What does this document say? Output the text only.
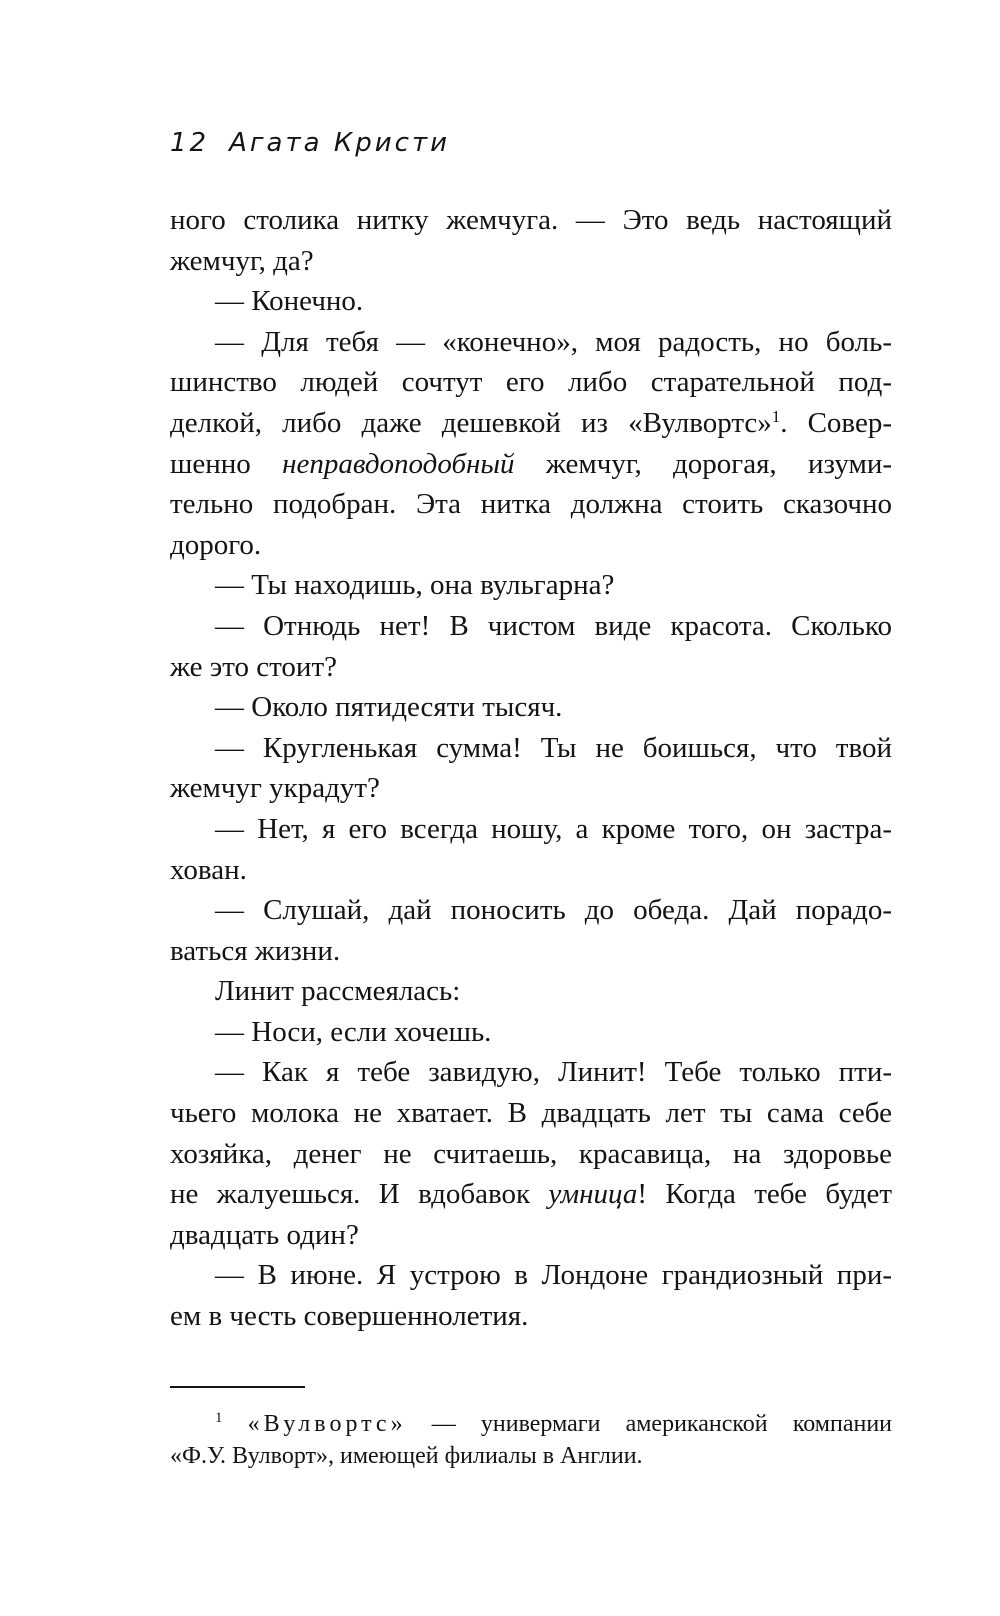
12 Агата Кристи
ного столика нитку жемчуга. — Это ведь настоящий
жемчуг, да?
— Конечно.
— Для тебя — «конечно», моя радость, но боль-
шинство людей сочтут его либо старательной под-
делкой, либо даже дешевкой из «Вулвортс»$^1$. Совер-
шенно неправдоподобный жемчуг, дорогая, изуми-
тельно подобран. Эта нитка должна стоить сказочно
дорого.
— Ты находишь, она вульгарна?
— Отнюдь нет! В чистом виде красота. Сколько
же это стоит?
— Около пятидесяти тысяч.
— Кругленькая сумма! Ты не боишься, что твой
жемчуг украдут?
— Нет, я его всегда ношу, а кроме того, он застра-
хован.
— Слушай, дай поносить до обеда. Дай порадо-
ваться жизни.
Линит рассмеялась:
— Носи, если хочешь.
— Как я тебе завидую, Линит! Тебе только пти-
чьего молока не хватает. В двадцать лет ты сама себе
хозяйка, денег не считаешь, красавица, на здоровье
не жалуешься. И вдобавок умница! Когда тебе будет
двадцать один?
— В июне. Я устрою в Лондоне грандиозный при-
ем в честь совершеннолетия.
$^1$ «Вулвортс» — универмаги американской компании
«Ф.У. Вулворт», имеющей филиалы в Англии.
